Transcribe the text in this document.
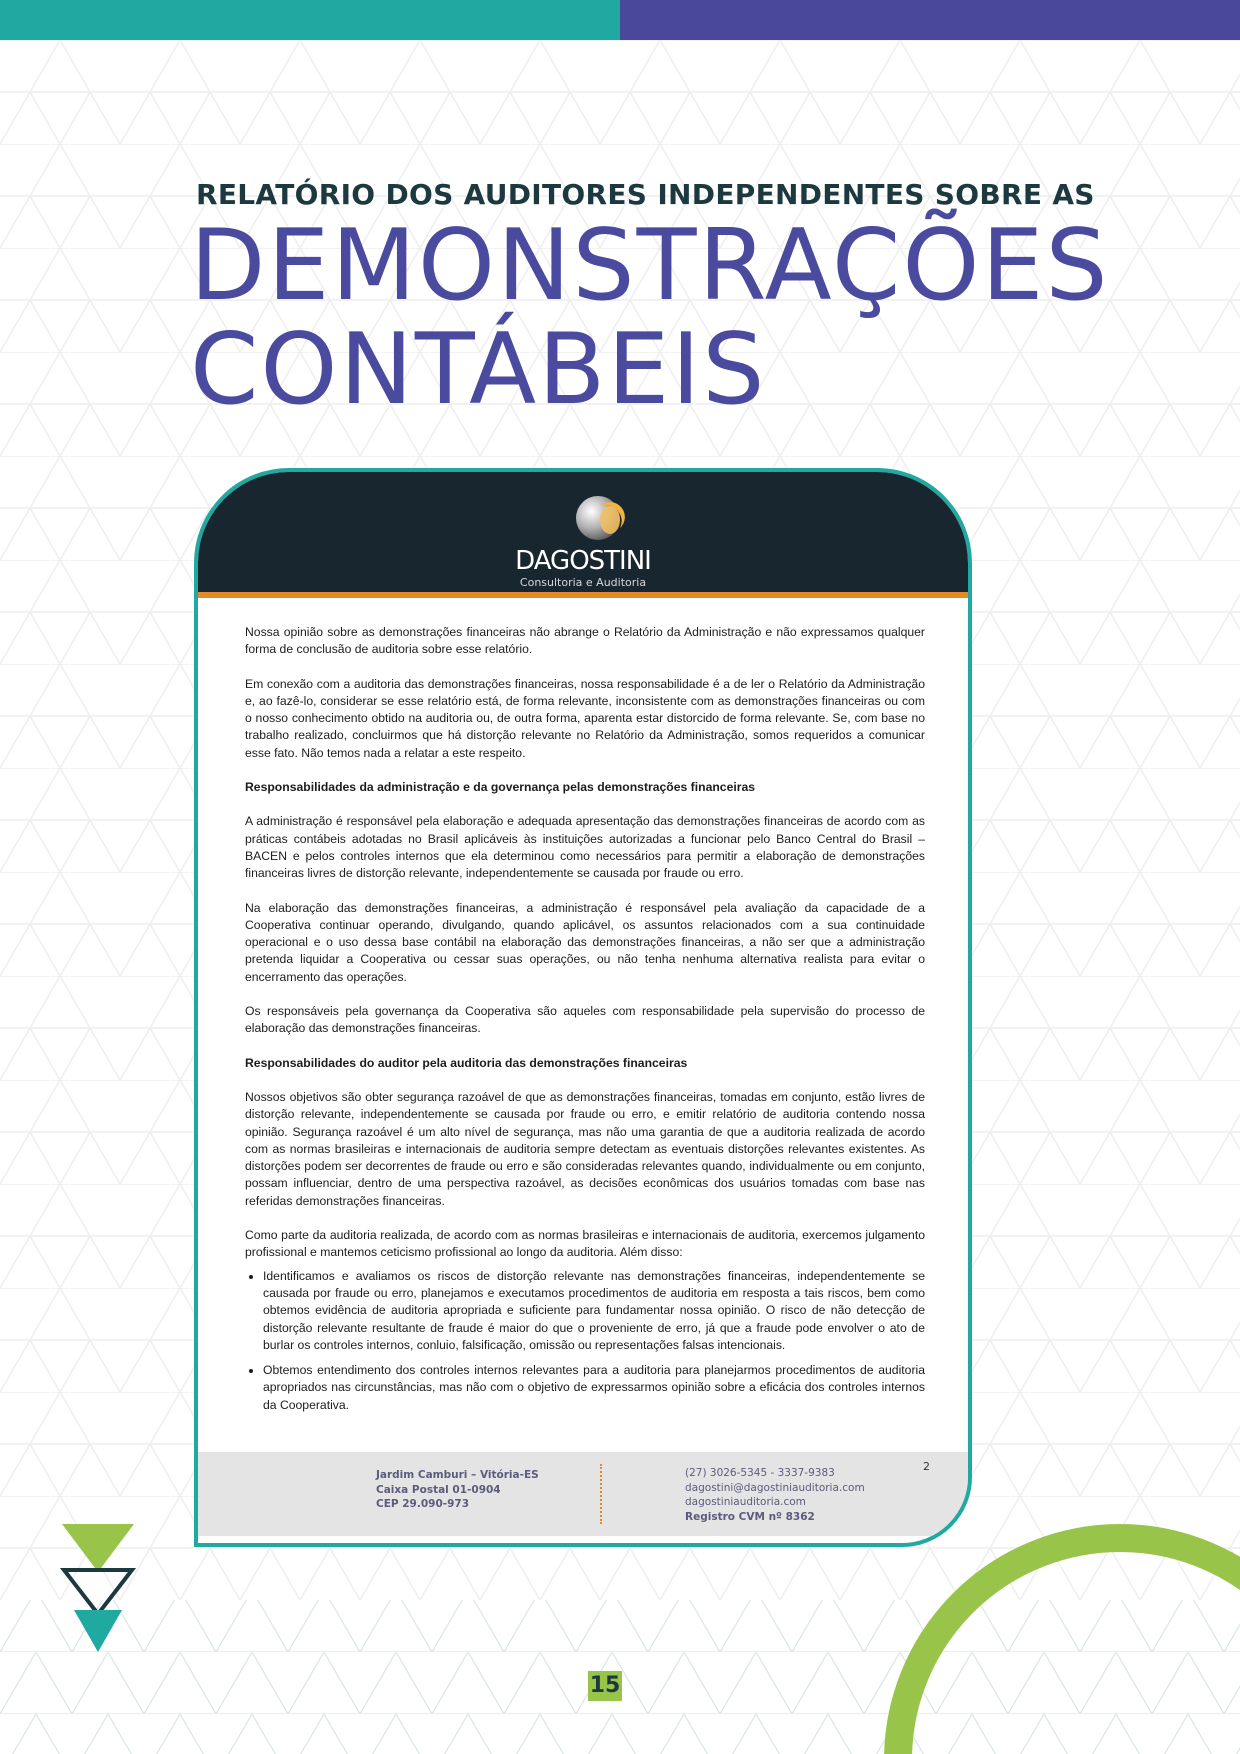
RELATÓRIO DOS AUDITORES INDEPENDENTES SOBRE AS
DEMONSTRAÇÕES
CONTÁBEIS
DAGOSTINI
Consultoria e Auditoria

Nossa opinião sobre as demonstrações financeiras não abrange o Relatório da Administração e não expressamos qualquer forma de conclusão de auditoria sobre esse relatório.

Em conexão com a auditoria das demonstrações financeiras, nossa responsabilidade é a de ler o Relatório da Administração e, ao fazê-lo, considerar se esse relatório está, de forma relevante, inconsistente com as demonstrações financeiras ou com o nosso conhecimento obtido na auditoria ou, de outra forma, aparenta estar distorcido de forma relevante. Se, com base no trabalho realizado, concluirmos que há distorção relevante no Relatório da Administração, somos requeridos a comunicar esse fato. Não temos nada a relatar a este respeito.

Responsabilidades da administração e da governança pelas demonstrações financeiras

A administração é responsável pela elaboração e adequada apresentação das demonstrações financeiras de acordo com as práticas contábeis adotadas no Brasil aplicáveis às instituições autorizadas a funcionar pelo Banco Central do Brasil – BACEN e pelos controles internos que ela determinou como necessários para permitir a elaboração de demonstrações financeiras livres de distorção relevante, independentemente se causada por fraude ou erro.

Na elaboração das demonstrações financeiras, a administração é responsável pela avaliação da capacidade de a Cooperativa continuar operando, divulgando, quando aplicável, os assuntos relacionados com a sua continuidade operacional e o uso dessa base contábil na elaboração das demonstrações financeiras, a não ser que a administração pretenda liquidar a Cooperativa ou cessar suas operações, ou não tenha nenhuma alternativa realista para evitar o encerramento das operações.

Os responsáveis pela governança da Cooperativa são aqueles com responsabilidade pela supervisão do processo de elaboração das demonstrações financeiras.

Responsabilidades do auditor pela auditoria das demonstrações financeiras

Nossos objetivos são obter segurança razoável de que as demonstrações financeiras, tomadas em conjunto, estão livres de distorção relevante, independentemente se causada por fraude ou erro, e emitir relatório de auditoria contendo nossa opinião. Segurança razoável é um alto nível de segurança, mas não uma garantia de que a auditoria realizada de acordo com as normas brasileiras e internacionais de auditoria sempre detectam as eventuais distorções relevantes existentes. As distorções podem ser decorrentes de fraude ou erro e são consideradas relevantes quando, individualmente ou em conjunto, possam influenciar, dentro de uma perspectiva razoável, as decisões econômicas dos usuários tomadas com base nas referidas demonstrações financeiras.

Como parte da auditoria realizada, de acordo com as normas brasileiras e internacionais de auditoria, exercemos julgamento profissional e mantemos ceticismo profissional ao longo da auditoria. Além disso:

• Identificamos e avaliamos os riscos de distorção relevante nas demonstrações financeiras, independentemente se causada por fraude ou erro, planejamos e executamos procedimentos de auditoria em resposta a tais riscos, bem como obtemos evidência de auditoria apropriada e suficiente para fundamentar nossa opinião. O risco de não detecção de distorção relevante resultante de fraude é maior do que o proveniente de erro, já que a fraude pode envolver o ato de burlar os controles internos, conluio, falsificação, omissão ou representações falsas intencionais.
• Obtemos entendimento dos controles internos relevantes para a auditoria para planejarmos procedimentos de auditoria apropriados nas circunstâncias, mas não com o objetivo de expressarmos opinião sobre a eficácia dos controles internos da Cooperativa.
Jardim Camburi – Vitória-ES
Caixa Postal 01-0904
CEP 29.090-973
(27) 3026-5345 - 3337-9383
dagostini@dagostiniauditoria.com
dagostiniauditoria.com
Registro CVM nº 8362
2
15
